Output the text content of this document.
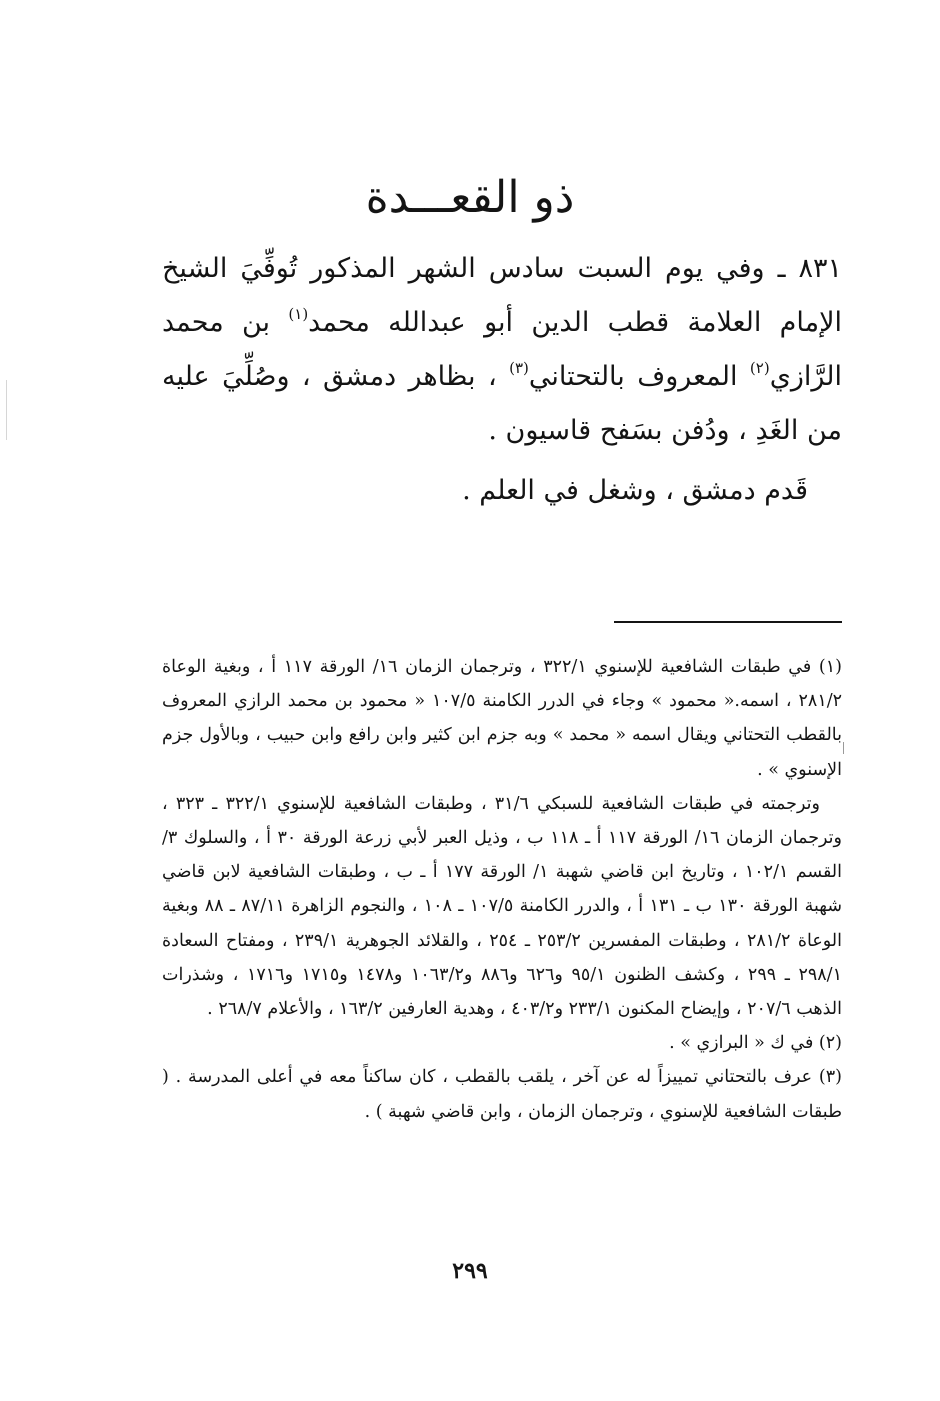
ذو القعـــدة

٨٣١ ـ وفي يوم السبت سادس الشهر المذكور تُوفِّيَ الشيخ الإمام العلامة قطب الدين أبو عبدالله محمد$^{(١)}$ بن محمد الرَّازي$^{(٢)}$ المعروف بالتحتاني$^{(٣)}$ ، بظاهر دمشق ، وصُلِّيَ عليه من الغَدِ ، ودُفن بسَفح قاسيون .

قَدم دمشق ، وشغل في العلم .

(١) في طبقات الشافعية للإسنوي ٣٢٢/١ ، وترجمان الزمان ١٦/ الورقة ١١٧ أ ، وبغية الوعاة ٢٨١/٢ ، اسمه.« محمود » وجاء في الدرر الكامنة ١٠٧/٥ « محمود بن محمد الرازي المعروف بالقطب التحتاني ويقال اسمه « محمد » وبه جزم ابن كثير وابن رافع وابن حبيب ، وبالأول جزم الإسنوي » .

وترجمته في طبقات الشافعية للسبكي ٣١/٦ ، وطبقات الشافعية للإسنوي ٣٢٢/١ ـ ٣٢٣ ، وترجمان الزمان ١٦/ الورقة ١١٧ أ ـ ١١٨ ب ، وذيل العبر لأبي زرعة الورقة ٣٠ أ ، والسلوك ٣/ القسم ١٠٢/١ ، وتاريخ ابن قاضي شهبة ١/ الورقة ١٧٧ أ ـ ب ، وطبقات الشافعية لابن قاضي شهبة الورقة ١٣٠ ب ـ ١٣١ أ ، والدرر الكامنة ١٠٧/٥ ـ ١٠٨ ، والنجوم الزاهرة ٨٧/١١ ـ ٨٨ وبغية الوعاة ٢٨١/٢ ، وطبقات المفسرين ٢٥٣/٢ ـ ٢٥٤ ، والقلائد الجوهرية ٢٣٩/١ ، ومفتاح السعادة ٢٩٨/١ ـ ٢٩٩ ، وكشف الظنون ٩٥/١ و٦٢٦ و٨٨٦ و١٠٦٣/٢ و١٤٧٨ و١٧١٥ و١٧١٦ ، وشذرات الذهب ٢٠٧/٦ ، وإيضاح المكنون ٢٣٣/١ و٤٠٣/٢ ، وهدية العارفين ١٦٣/٢ ، والأعلام ٢٦٨/٧ .

(٢) في ك « البرازي » .

(٣) عرف بالتحتاني تمييزاً له عن آخر ، يلقب بالقطب ، كان ساكناً معه في أعلى المدرسة . ( طبقات الشافعية للإسنوي ، وترجمان الزمان ، وابن قاضي شهبة ) .

٢٩٩
